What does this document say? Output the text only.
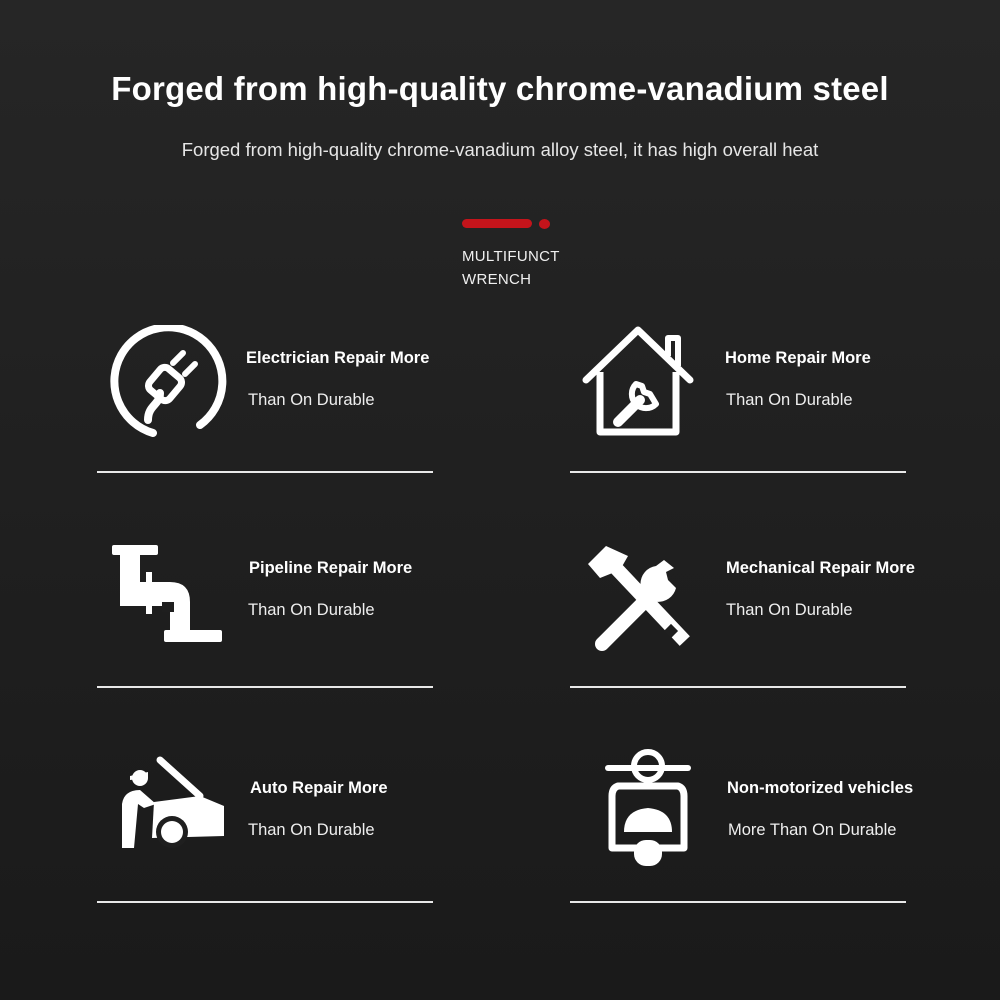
Forged from high-quality chrome-vanadium steel
Forged from high-quality chrome-vanadium alloy steel, it has high overall heat
MULTIFUNCT
WRENCH
Electrician Repair More
Than On Durable
Home Repair More
Than On Durable
Pipeline Repair More
Than On Durable
Mechanical Repair More
Than On Durable
Auto Repair More
Than On Durable
Non-motorized vehicles
More Than On Durable
